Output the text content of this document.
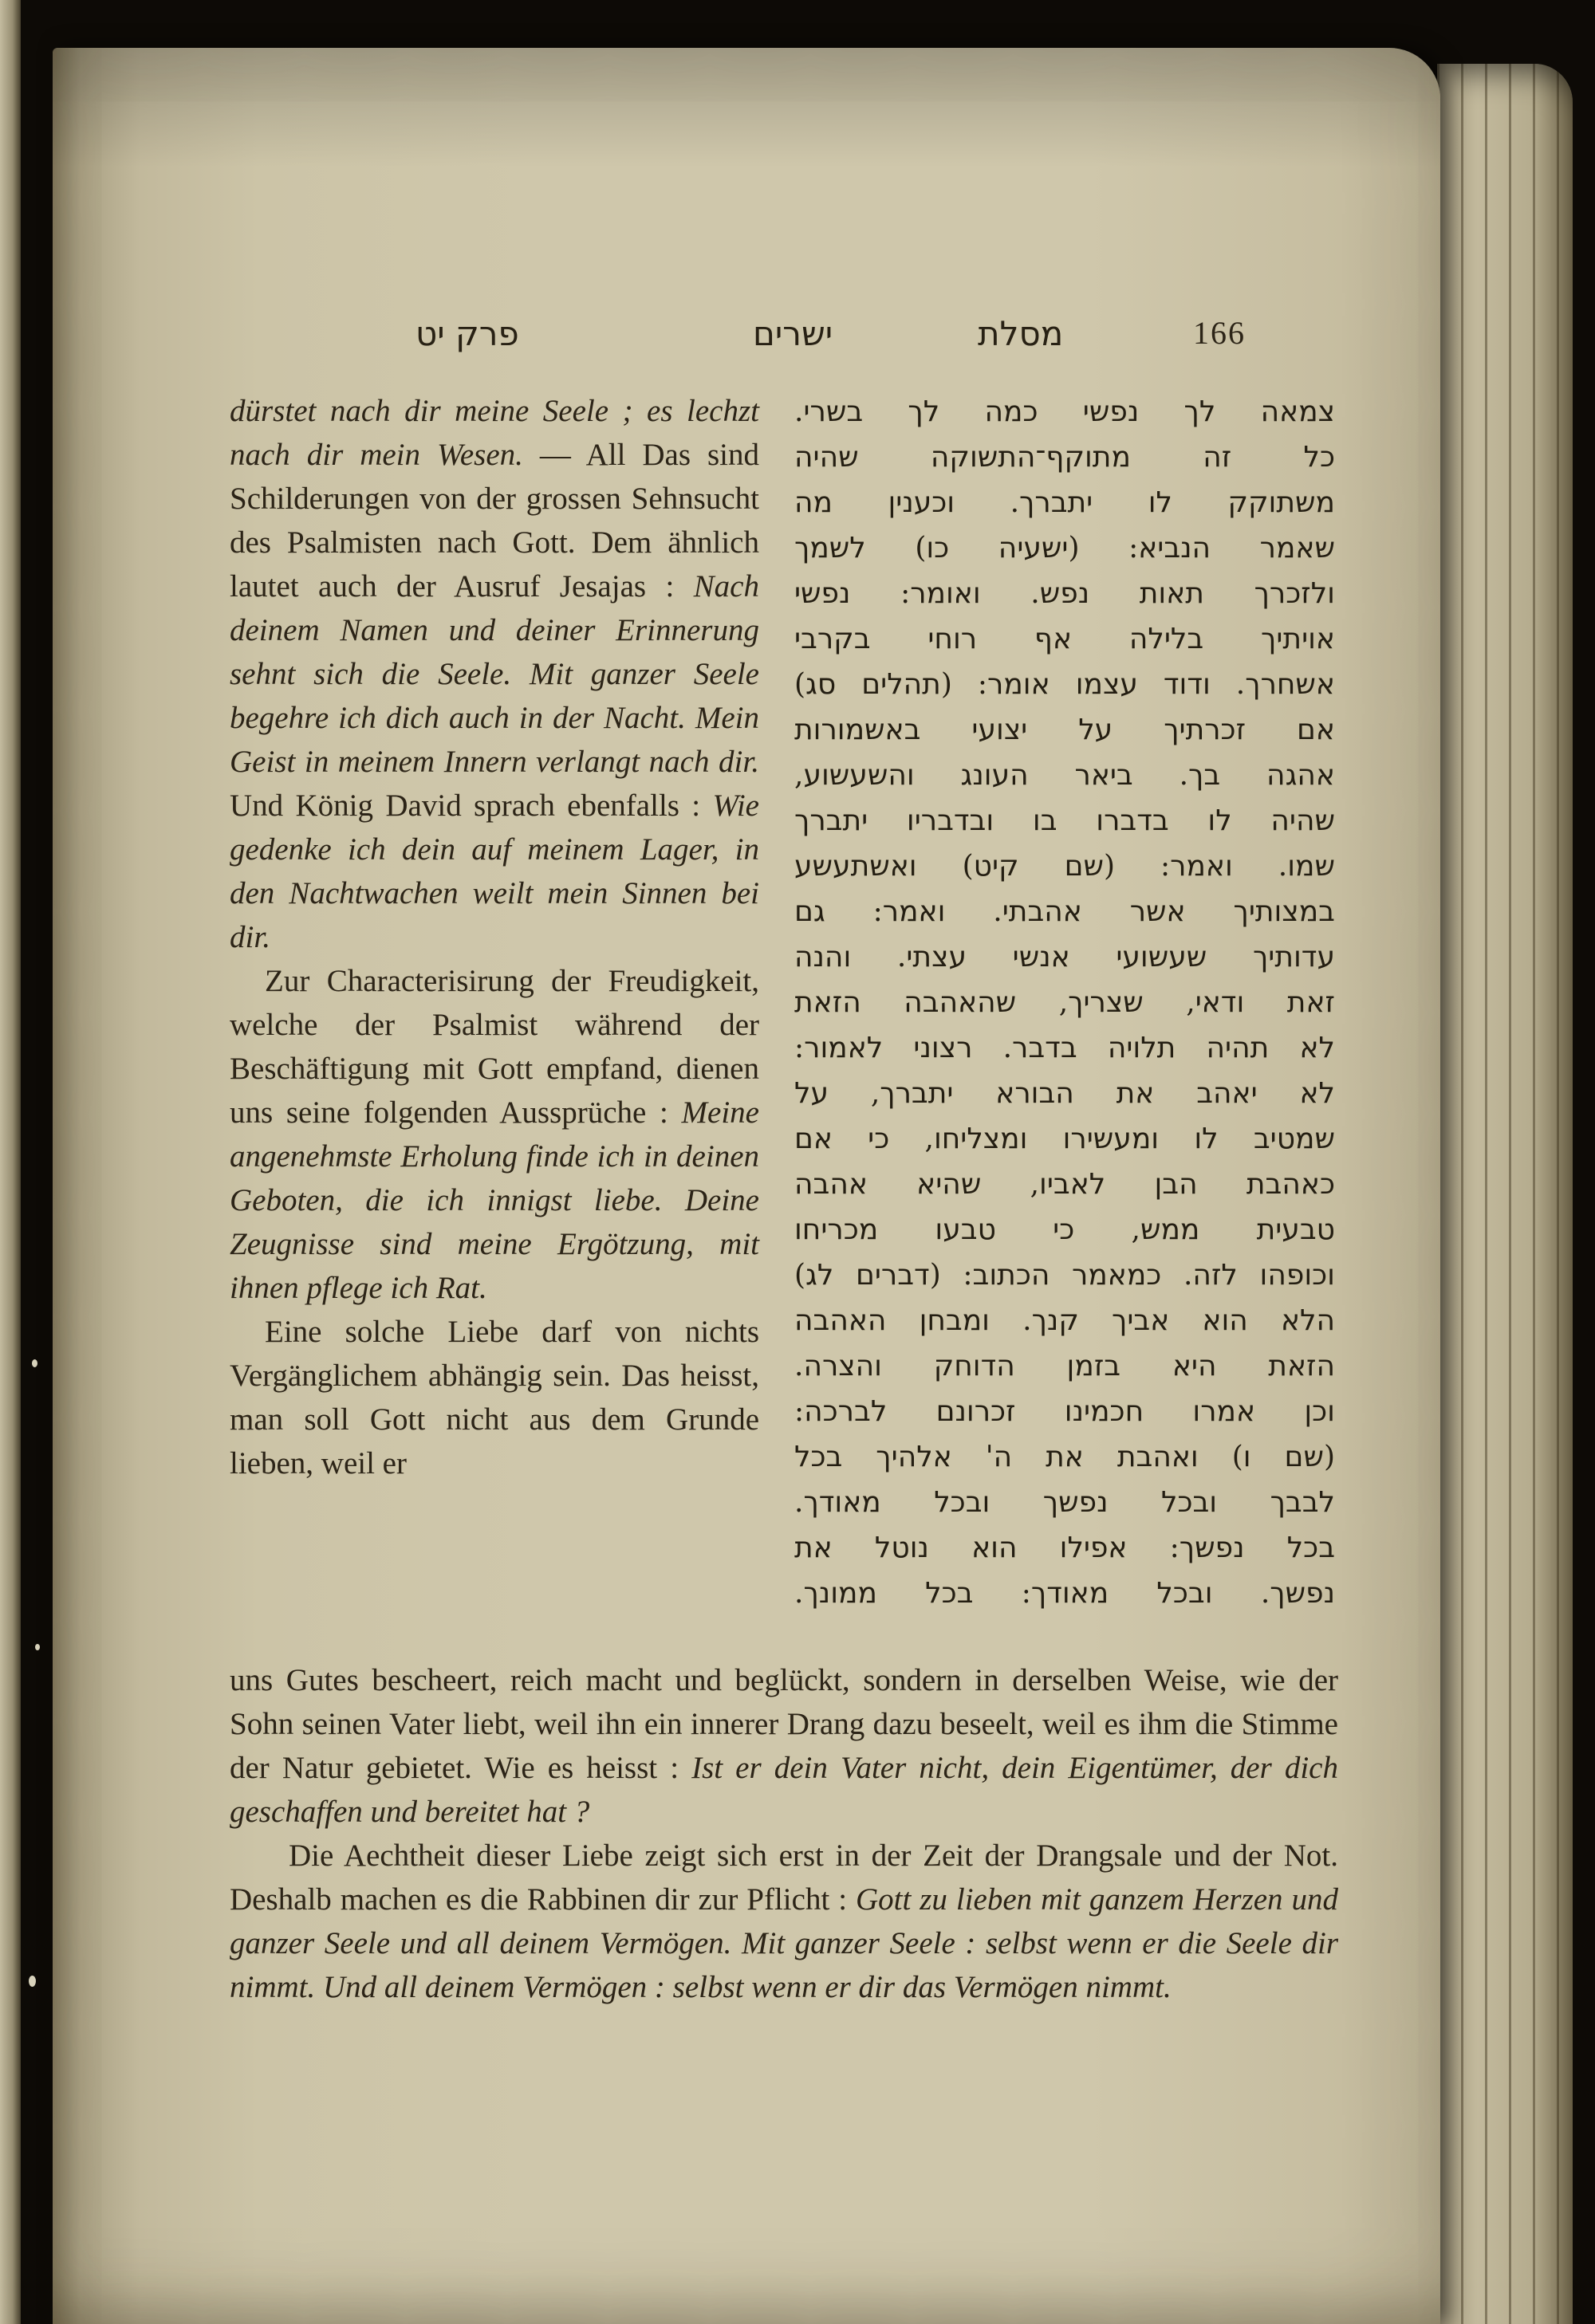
פרק יט	ישרים	מסלת	166

dürstet nach dir meine Seele ; es lechzt nach dir mein Wesen. — All Das sind Schilderungen von der grossen Sehnsucht des Psalmisten nach Gott. Dem ähnlich lautet auch der Ausruf Jesajas : Nach deinem Namen und deiner Erinnerung sehnt sich die Seele. Mit ganzer Seele begehre ich dich auch in der Nacht. Mein Geist in meinem Innern verlangt nach dir. Und König David sprach ebenfalls : Wie gedenke ich dein auf meinem Lager, in den Nachtwachen weilt mein Sinnen bei dir.

Zur Characterisirung der Freudigkeit, welche der Psalmist während der Beschäftigung mit Gott empfand, dienen uns seine folgenden Aussprüche : Meine angenehmste Erholung finde ich in deinen Geboten, die ich innigst liebe. Deine Zeugnisse sind meine Ergötzung, mit ihnen pflege ich Rat.

Eine solche Liebe darf von nichts Vergänglichem abhängig sein. Das heisst, man soll Gott nicht aus dem Grunde lieben, weil er

צמאה לך נפשי כמה לך בשרי.
כל זה מתוקף־התשוקה שהיה
משתוקק לו יתברך. וכענין מה
שאמר הנביא: (ישעיה כו) לשמך
ולזכרך תאות נפש. ואומר: נפשי
אויתיך בלילה אף רוחי בקרבי
אשחרך. ודוד עצמו אומר: (תהלים סג)
אם זכרתיך על יצועי באשמורות
אהגה בך. ביאר העונג והשעשוע,
שהיה לו בדברו בו ובדבריו יתברך
שמו. ואמר: (שם קיט) ואשתעשע
במצותיך אשר אהבתי. ואמר: גם
עדותיך שעשועי אנשי עצתי. והנה
זאת ודאי, שצריך, שהאהבה הזאת
לא תהיה תלויה בדבר. רצוני לאמור:
לא יאהב את הבורא יתברך, על
שמטיב לו ומעשירו ומצליחו, כי אם
כאהבת הבן לאביו, שהיא אהבה
טבעית ממש, כי טבעו מכריחו
וכופהו לזה. כמאמר הכתוב: (דברים לג)
הלא הוא אביך קנך. ומבחן האהבה
הזאת היא בזמן הדוחק והצרה.
וכן אמרו חכמינו זכרונם לברכה:
(שם ו) ואהבת את ה' אלהיך בכל
לבבך ובכל נפשך ובכל מאודך.
בכל נפשך: אפילו הוא נוטל את
נפשך. ובכל מאודך: בכל ממונך.

uns Gutes bescheert, reich macht und beglückt, sondern in derselben Weise, wie der Sohn seinen Vater liebt, weil ihn ein innerer Drang dazu beseelt, weil es ihm die Stimme der Natur gebietet. Wie es heisst : Ist er dein Vater nicht, dein Eigentümer, der dich geschaffen und bereitet hat ?

Die Aechtheit dieser Liebe zeigt sich erst in der Zeit der Drangsale und der Not. Deshalb machen es die Rabbinen dir zur Pflicht : Gott zu lieben mit ganzem Herzen und ganzer Seele und all deinem Vermögen. Mit ganzer Seele : selbst wenn er die Seele dir nimmt. Und all deinem Vermögen : selbst wenn er dir das Vermögen nimmt.
